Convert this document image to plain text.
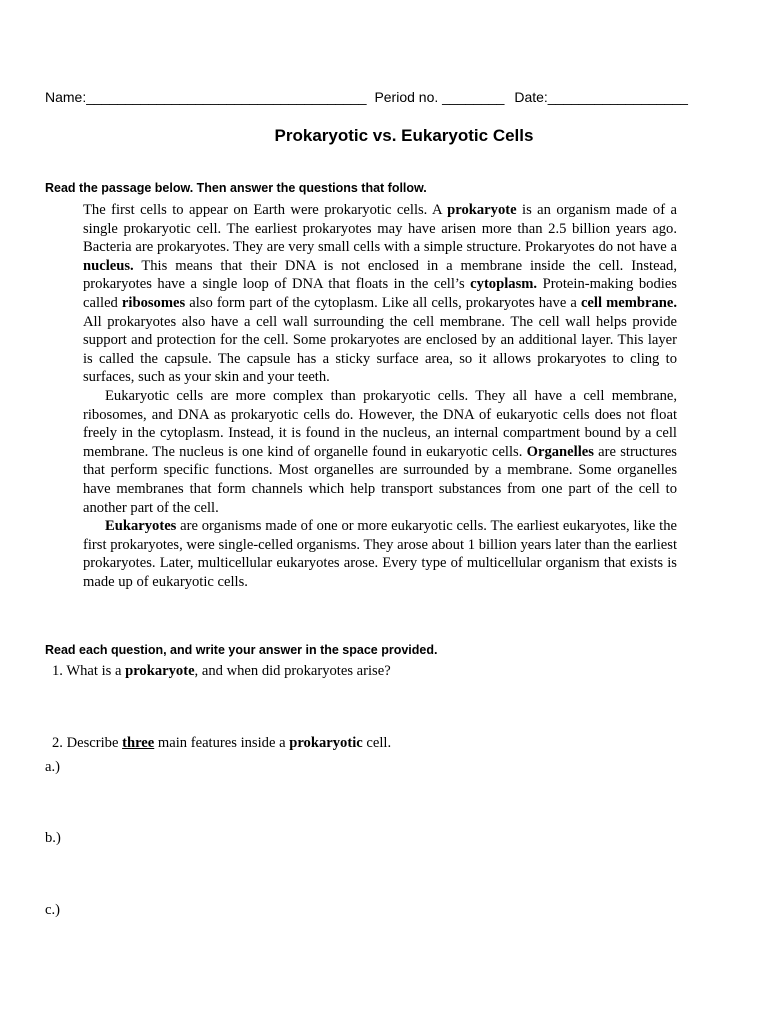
Name:____________________________________ Period no. ________ Date:__________________
Prokaryotic vs. Eukaryotic Cells
Read the passage below. Then answer the questions that follow.

The first cells to appear on Earth were prokaryotic cells. A prokaryote is an organism made of a single prokaryotic cell. The earliest prokaryotes may have arisen more than 2.5 billion years ago. Bacteria are prokaryotes. They are very small cells with a simple structure. Prokaryotes do not have a nucleus. This means that their DNA is not enclosed in a membrane inside the cell. Instead, prokaryotes have a single loop of DNA that floats in the cell’s cytoplasm. Protein-making bodies called ribosomes also form part of the cytoplasm. Like all cells, prokaryotes have a cell membrane. All prokaryotes also have a cell wall surrounding the cell membrane. The cell wall helps provide support and protection for the cell. Some prokaryotes are enclosed by an additional layer. This layer is called the capsule. The capsule has a sticky surface area, so it allows prokaryotes to cling to surfaces, such as your skin and your teeth.

Eukaryotic cells are more complex than prokaryotic cells. They all have a cell membrane, ribosomes, and DNA as prokaryotic cells do. However, the DNA of eukaryotic cells does not float freely in the cytoplasm. Instead, it is found in the nucleus, an internal compartment bound by a cell membrane. The nucleus is one kind of organelle found in eukaryotic cells. Organelles are structures that perform specific functions. Most organelles are surrounded by a membrane. Some organelles have membranes that form channels which help transport substances from one part of the cell to another part of the cell.

Eukaryotes are organisms made of one or more eukaryotic cells. The earliest eukaryotes, like the first prokaryotes, were single-celled organisms. They arose about 1 billion years later than the earliest prokaryotes. Later, multicellular eukaryotes arose. Every type of multicellular organism that exists is made up of eukaryotic cells.

Read each question, and write your answer in the space provided.
1. What is a prokaryote, and when did prokaryotes arise?
2. Describe three main features inside a prokaryotic cell.
a.)
b.)
c.)
